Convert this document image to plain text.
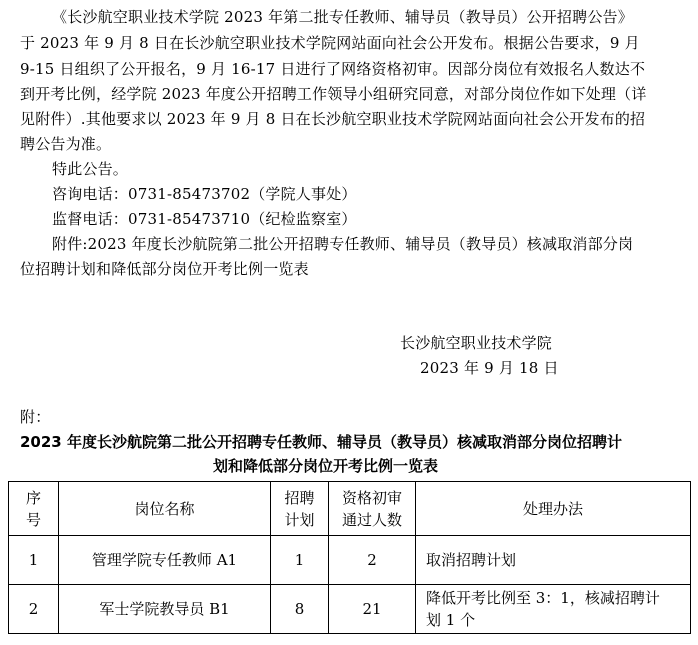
《长沙航空职业技术学院 2023 年第二批专任教师、辅导员（教导员）公开招聘公告》
于 2023 年 9 月 8 日在长沙航空职业技术学院网站面向社会公开发布。根据公告要求，9 月
9-15 日组织了公开报名，9 月 16-17 日进行了网络资格初审。因部分岗位有效报名人数达不
到开考比例，经学院 2023 年度公开招聘工作领导小组研究同意，对部分岗位作如下处理（详
见附件）.其他要求以 2023 年 9 月 8 日在长沙航空职业技术学院网站面向社会公开发布的招
聘公告为准。
特此公告。
咨询电话：0731-85473702（学院人事处）
监督电话：0731-85473710（纪检监察室）
附件:2023 年度长沙航院第二批公开招聘专任教师、辅导员（教导员）核减取消部分岗
位招聘计划和降低部分岗位开考比例一览表
长沙航空职业技术学院
2023 年 9 月 18 日
附：
2023 年度长沙航院第二批公开招聘专任教师、辅导员（教导员）核减取消部分岗位招聘计
划和降低部分岗位开考比例一览表
序
号	岗位名称	招聘
计划	资格初审
通过人数	处理办法
1	管理学院专任教师 A1	1	2	取消招聘计划
2	军士学院教导员 B1	8	21	降低开考比例至 3：1，核减招聘计
划 1 个
